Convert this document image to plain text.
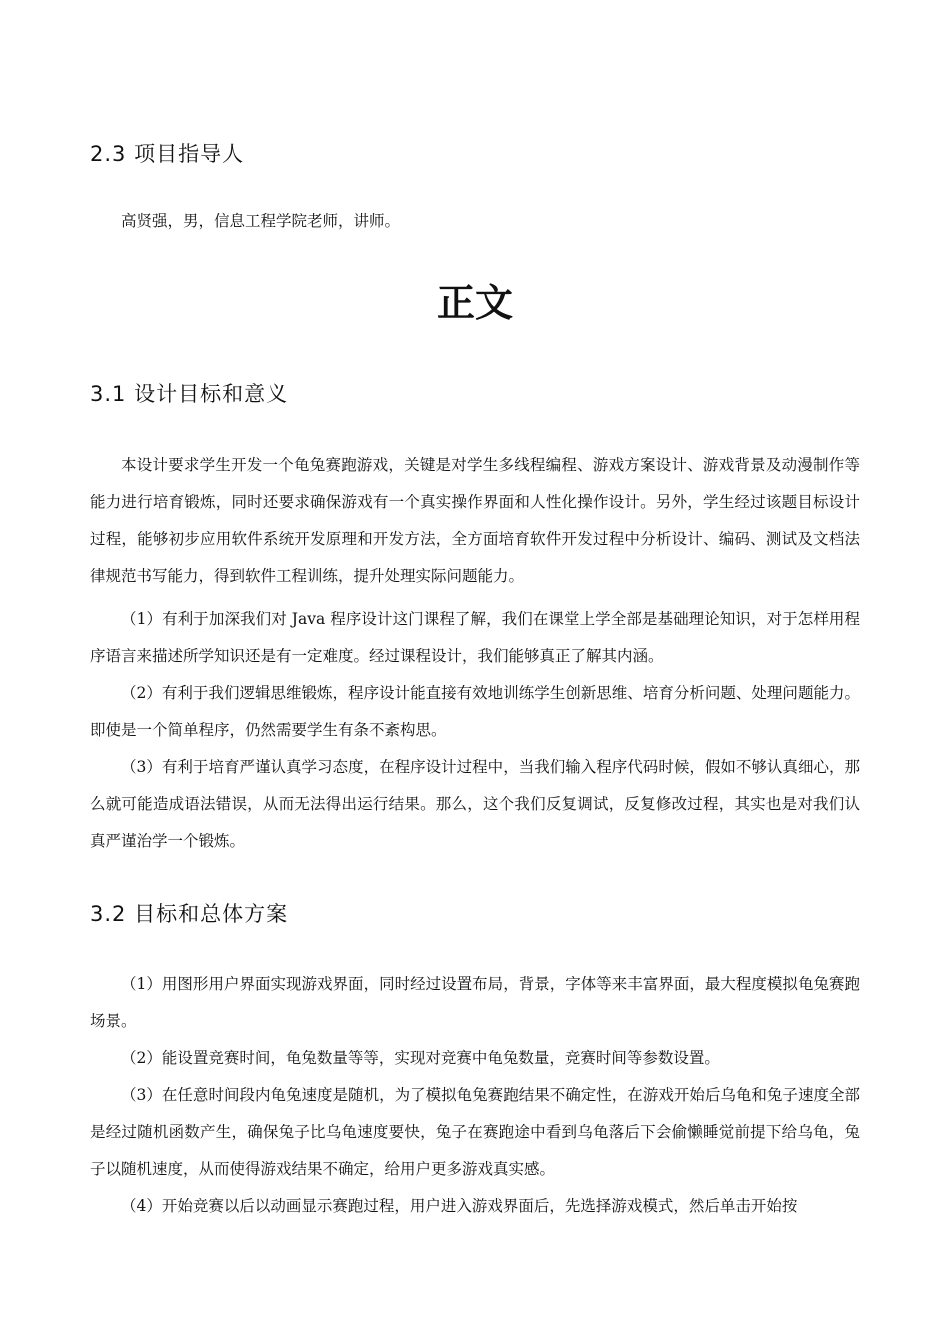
2.3 项目指导人

高贤强，男，信息工程学院老师，讲师。

正文
3.1 设计目标和意义

本设计要求学生开发一个龟兔赛跑游戏，关键是对学生多线程编程、游戏方案设计、游戏背景及动漫制作等能力进行培育锻炼，同时还要求确保游戏有一个真实操作界面和人性化操作设计。另外，学生经过该题目标设计过程，能够初步应用软件系统开发原理和开发方法，全方面培育软件开发过程中分析设计、编码、测试及文档法律规范书写能力，得到软件工程训练，提升处理实际问题能力。

（1）有利于加深我们对 Java 程序设计这门课程了解，我们在课堂上学全部是基础理论知识，对于怎样用程序语言来描述所学知识还是有一定难度。经过课程设计，我们能够真正了解其内涵。

（2）有利于我们逻辑思维锻炼，程序设计能直接有效地训练学生创新思维、培育分析问题、处理问题能力。即使是一个简单程序，仍然需要学生有条不紊构思。

（3）有利于培育严谨认真学习态度，在程序设计过程中，当我们输入程序代码时候，假如不够认真细心，那么就可能造成语法错误，从而无法得出运行结果。那么，这个我们反复调试，反复修改过程，其实也是对我们认真严谨治学一个锻炼。

3.2 目标和总体方案

（1）用图形用户界面实现游戏界面，同时经过设置布局，背景，字体等来丰富界面，最大程度模拟龟兔赛跑场景。

（2）能设置竞赛时间，龟兔数量等等，实现对竞赛中龟兔数量，竞赛时间等参数设置。

（3）在任意时间段内龟兔速度是随机，为了模拟龟兔赛跑结果不确定性，在游戏开始后乌龟和兔子速度全部是经过随机函数产生，确保兔子比乌龟速度要快，兔子在赛跑途中看到乌龟落后下会偷懒睡觉前提下给乌龟，兔子以随机速度，从而使得游戏结果不确定，给用户更多游戏真实感。

（4）开始竞赛以后以动画显示赛跑过程，用户进入游戏界面后，先选择游戏模式，然后单击开始按
